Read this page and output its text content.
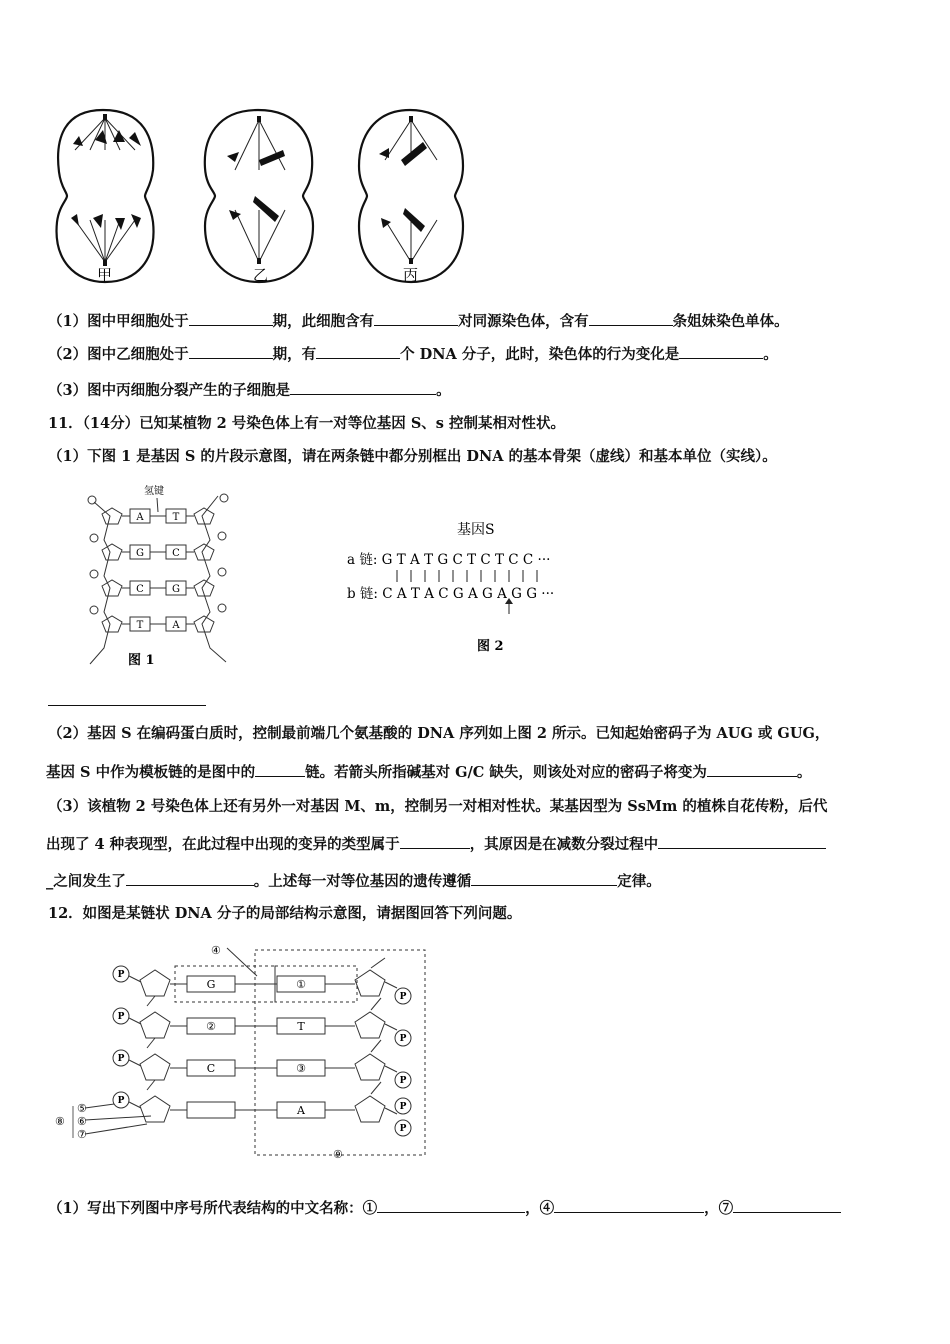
甲	乙	丙
（1）图中甲细胞处于	期，此细胞含有	对同源染色体，含有	条姐妹染色单体。
（2）图中乙细胞处于	期，有	个 DNA 分子，此时，染色体的行为变化是	。
（3）图中丙细胞分裂产生的子细胞是	。
11．（14分）已知某植物 2 号染色体上有一对等位基因 S、s 控制某相对性状。
（1）下图 1 是基因 S 的片段示意图，请在两条链中都分别框出 DNA 的基本骨架（虚线）和基本单位（实线）。
氢键
A	T
G	C
C	G
T	A
图 1
基因S
a 链: G T A T G C T C T C C ···
b 链: C A T A C G A G A G G ···
图 2
（2）基因 S 在编码蛋白质时，控制最前端几个氨基酸的 DNA 序列如上图 2 所示。已知起始密码子为 AUG 或 GUG，
基因 S 中作为模板链的是图中的	链。若箭头所指碱基对 G/C 缺失，则该处对应的密码子将变为	。
（3）该植物 2 号染色体上还有另外一对基因 M、m，控制另一对相对性状。某基因型为 SsMm 的植株自花传粉，后代
出现了 4 种表现型，在此过程中出现的变异的类型属于	，其原因是在减数分裂过程中
_之间发生了	。上述每一对等位基因的遗传遵循	定律。
12．如图是某链状 DNA 分子的局部结构示意图，请据图回答下列问题。
P
P
P
P
P
P
P
P
P
G
②
C
①
T
③
A
④
⑤
⑥
⑦
⑧
⑨
（1）写出下列图中序号所代表结构的中文名称：①	，④	，⑦
